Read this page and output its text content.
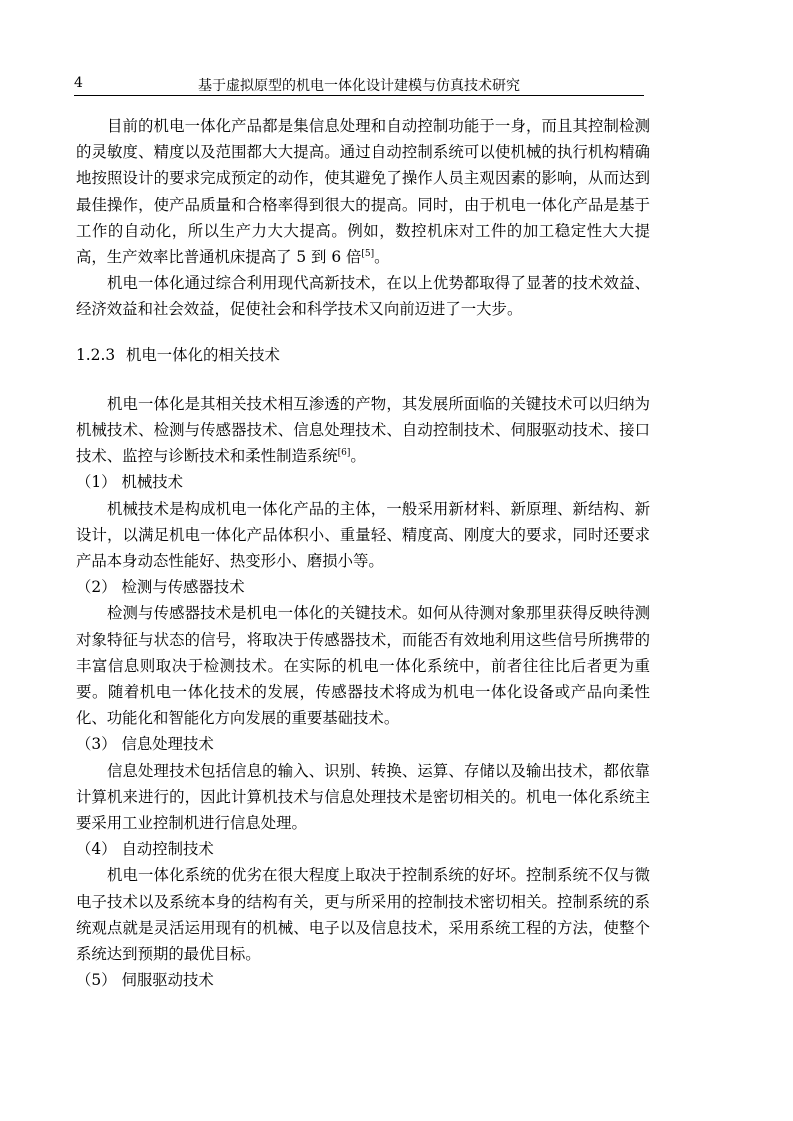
4	基于虚拟原型的机电一体化设计建模与仿真技术研究

目前的机电一体化产品都是集信息处理和自动控制功能于一身，而且其控制检测的灵敏度、精度以及范围都大大提高。通过自动控制系统可以使机械的执行机构精确地按照设计的要求完成预定的动作，使其避免了操作人员主观因素的影响，从而达到最佳操作，使产品质量和合格率得到很大的提高。同时，由于机电一体化产品是基于工作的自动化，所以生产力大大提高。例如，数控机床对工件的加工稳定性大大提高，生产效率比普通机床提高了 5 到 6 倍[5]。

机电一体化通过综合利用现代高新技术，在以上优势都取得了显著的技术效益、经济效益和社会效益，促使社会和科学技术又向前迈进了一大步。

1.2.3 机电一体化的相关技术

机电一体化是其相关技术相互渗透的产物，其发展所面临的关键技术可以归纳为机械技术、检测与传感器技术、信息处理技术、自动控制技术、伺服驱动技术、接口技术、监控与诊断技术和柔性制造系统[6]。

（1） 机械技术

机械技术是构成机电一体化产品的主体，一般采用新材料、新原理、新结构、新设计，以满足机电一体化产品体积小、重量轻、精度高、刚度大的要求，同时还要求产品本身动态性能好、热变形小、磨损小等。

（2） 检测与传感器技术

检测与传感器技术是机电一体化的关键技术。如何从待测对象那里获得反映待测对象特征与状态的信号，将取决于传感器技术，而能否有效地利用这些信号所携带的丰富信息则取决于检测技术。在实际的机电一体化系统中，前者往往比后者更为重要。随着机电一体化技术的发展，传感器技术将成为机电一体化设备或产品向柔性化、功能化和智能化方向发展的重要基础技术。

（3） 信息处理技术

信息处理技术包括信息的输入、识别、转换、运算、存储以及输出技术，都依靠计算机来进行的，因此计算机技术与信息处理技术是密切相关的。机电一体化系统主要采用工业控制机进行信息处理。

（4） 自动控制技术

机电一体化系统的优劣在很大程度上取决于控制系统的好坏。控制系统不仅与微电子技术以及系统本身的结构有关，更与所采用的控制技术密切相关。控制系统的系统观点就是灵活运用现有的机械、电子以及信息技术，采用系统工程的方法，使整个系统达到预期的最优目标。

（5） 伺服驱动技术
